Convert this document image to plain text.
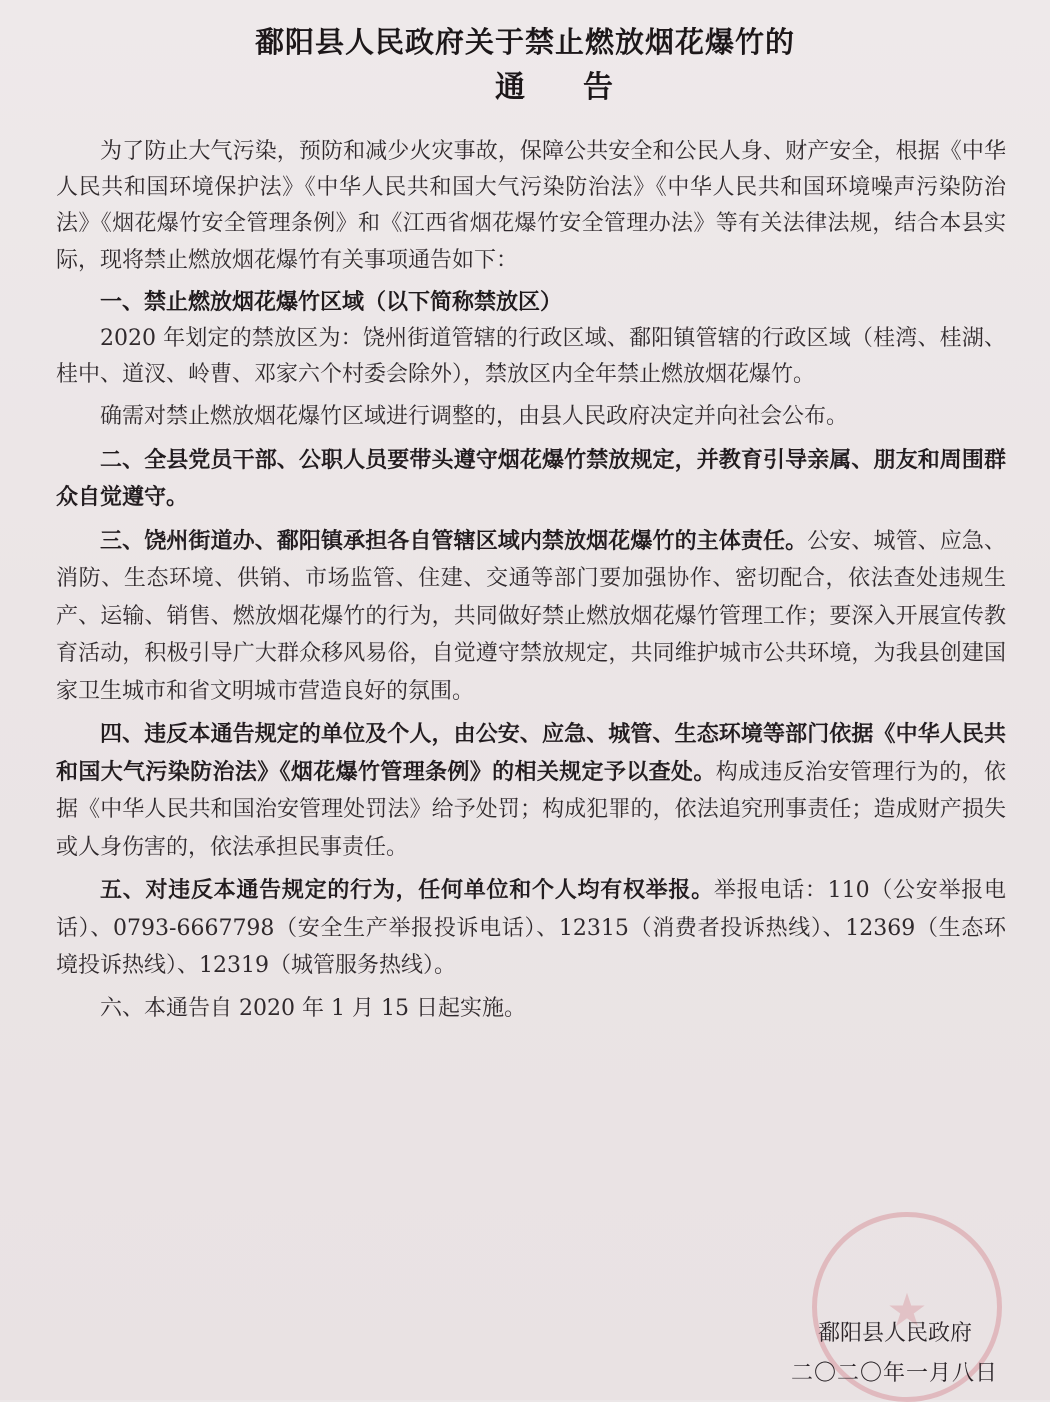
鄱阳县人民政府关于禁止燃放烟花爆竹的
通告

为了防止大气污染，预防和减少火灾事故，保障公共安全和公民人身、财产安全，根据《中华人民共和国环境保护法》《中华人民共和国大气污染防治法》《中华人民共和国环境噪声污染防治法》《烟花爆竹安全管理条例》和《江西省烟花爆竹安全管理办法》等有关法律法规，结合本县实际，现将禁止燃放烟花爆竹有关事项通告如下：

一、禁止燃放烟花爆竹区域（以下简称禁放区）

2020 年划定的禁放区为：饶州街道管辖的行政区域、鄱阳镇管辖的行政区域（桂湾、桂湖、桂中、道汊、岭曹、邓家六个村委会除外），禁放区内全年禁止燃放烟花爆竹。

确需对禁止燃放烟花爆竹区域进行调整的，由县人民政府决定并向社会公布。

二、全县党员干部、公职人员要带头遵守烟花爆竹禁放规定，并教育引导亲属、朋友和周围群众自觉遵守。

三、饶州街道办、鄱阳镇承担各自管辖区域内禁放烟花爆竹的主体责任。公安、城管、应急、消防、生态环境、供销、市场监管、住建、交通等部门要加强协作、密切配合，依法查处违规生产、运输、销售、燃放烟花爆竹的行为，共同做好禁止燃放烟花爆竹管理工作；要深入开展宣传教育活动，积极引导广大群众移风易俗，自觉遵守禁放规定，共同维护城市公共环境，为我县创建国家卫生城市和省文明城市营造良好的氛围。

四、违反本通告规定的单位及个人，由公安、应急、城管、生态环境等部门依据《中华人民共和国大气污染防治法》《烟花爆竹管理条例》的相关规定予以查处。构成违反治安管理行为的，依据《中华人民共和国治安管理处罚法》给予处罚；构成犯罪的，依法追究刑事责任；造成财产损失或人身伤害的，依法承担民事责任。

五、对违反本通告规定的行为，任何单位和个人均有权举报。举报电话：110（公安举报电话）、0793-6667798（安全生产举报投诉电话）、12315（消费者投诉热线）、12369（生态环境投诉热线）、12319（城管服务热线）。

六、本通告自 2020 年 1 月 15 日起实施。

★
鄱阳县人民政府
二〇二〇年一月八日
